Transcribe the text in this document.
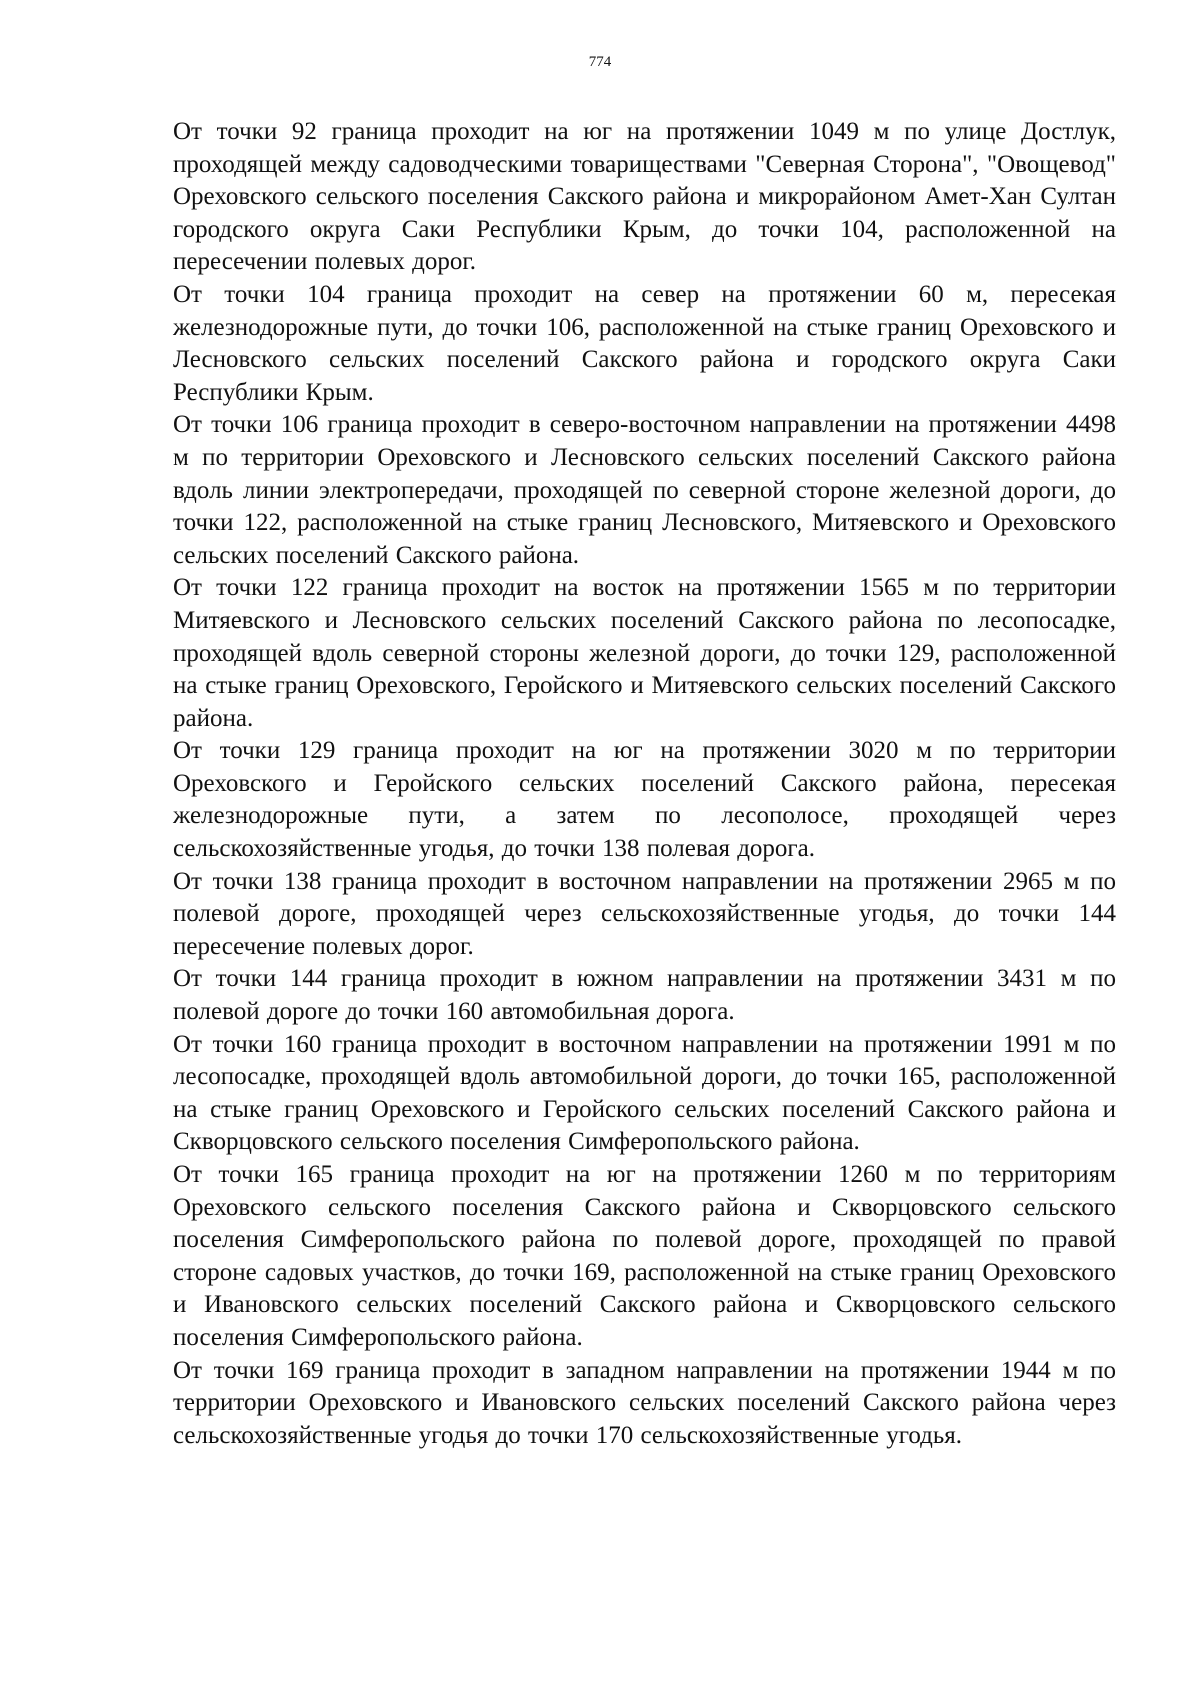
774

От точки 92 граница проходит на юг на протяжении 1049 м по улице Достлук, проходящей между садоводческими товариществами "Северная Сторона", "Овощевод" Ореховского сельского поселения Сакского района и микрорайоном Амет-Хан Султан городского округа Саки Республики Крым, до точки 104, расположенной на пересечении полевых дорог.

От точки 104 граница проходит на север на протяжении 60 м, пересекая железнодорожные пути, до точки 106, расположенной на стыке границ Ореховского и Лесновского сельских поселений Сакского района и городского округа Саки Республики Крым.

От точки 106 граница проходит в северо-восточном направлении на протяжении 4498 м по территории Ореховского и Лесновского сельских поселений Сакского района вдоль линии электропередачи, проходящей по северной стороне железной дороги, до точки 122, расположенной на стыке границ Лесновского, Митяевского и Ореховского сельских поселений Сакского района.

От точки 122 граница проходит на восток на протяжении 1565 м по территории Митяевского и Лесновского сельских поселений Сакского района по лесопосадке, проходящей вдоль северной стороны железной дороги, до точки 129, расположенной на стыке границ Ореховского, Геройского и Митяевского сельских поселений Сакского района.

От точки 129 граница проходит на юг на протяжении 3020 м по территории Ореховского и Геройского сельских поселений Сакского района, пересекая железнодорожные пути, а затем по лесополосе, проходящей через сельскохозяйственные угодья, до точки 138 полевая дорога.

От точки 138 граница проходит в восточном направлении на протяжении 2965 м по полевой дороге, проходящей через сельскохозяйственные угодья, до точки 144 пересечение полевых дорог.

От точки 144 граница проходит в южном направлении на протяжении 3431 м по полевой дороге до точки 160 автомобильная дорога.

От точки 160 граница проходит в восточном направлении на протяжении 1991 м по лесопосадке, проходящей вдоль автомобильной дороги, до точки 165, расположенной на стыке границ Ореховского и Геройского сельских поселений Сакского района и Скворцовского сельского поселения Симферопольского района.

От точки 165 граница проходит на юг на протяжении 1260 м по территориям Ореховского сельского поселения Сакского района и Скворцовского сельского поселения Симферопольского района по полевой дороге, проходящей по правой стороне садовых участков, до точки 169, расположенной на стыке границ Ореховского и Ивановского сельских поселений Сакского района и Скворцовского сельского поселения Симферопольского района.

От точки 169 граница проходит в западном направлении на протяжении 1944 м по территории Ореховского и Ивановского сельских поселений Сакского района через сельскохозяйственные угодья до точки 170 сельскохозяйственные угодья.
